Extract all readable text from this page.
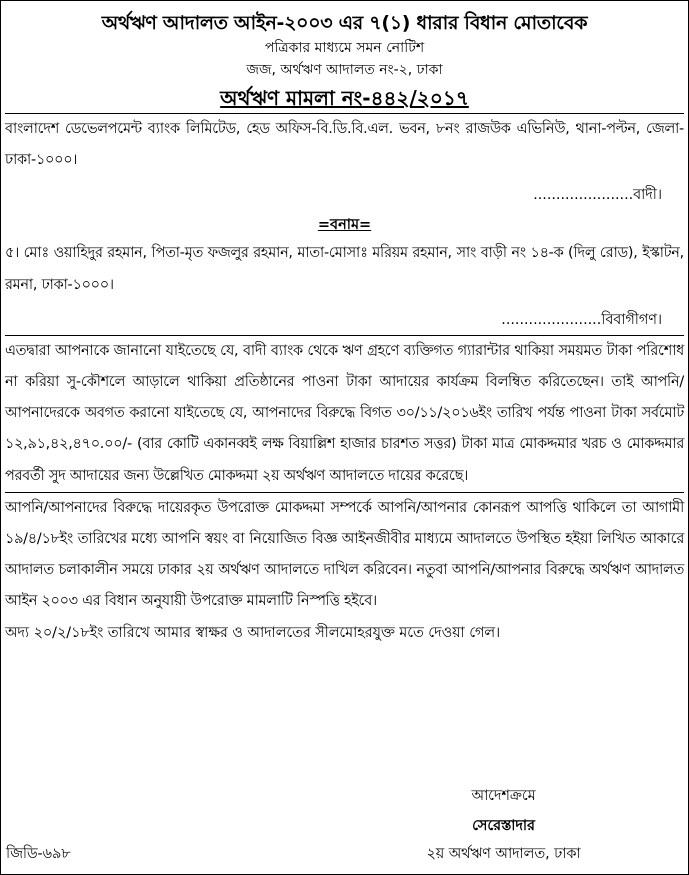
অর্থঋণ আদালত আইন-২০০৩ এর ৭(১) ধারার বিধান মোতাবেক
পত্রিকার মাধ্যমে সমন নোটিশ
জজ, অর্থঋণ আদালত নং-২, ঢাকা
অর্থঋণ মামলা নং-৪৪২/২০১৭

বাংলাদেশ ডেভেলপমেন্ট ব্যাংক লিমিটেড, হেড অফিস-বি.ডি.বি.এল. ভবন, ৮নং রাজউক এভিনিউ, থানা-পল্টন, জেলা-ঢাকা-১০০০।

......................বাদী।
=বনাম=

৫। মোঃ ওয়াহিদুর রহমান, পিতা-মৃত ফজলুর রহমান, মাতা-মোসাঃ মরিয়ম রহমান, সাং বাড়ী নং ১৪-ক (দিলু রোড), ইস্কাটন, রমনা, ঢাকা-১০০০।

......................বিবাগীগণ।

এতদ্বারা আপনাকে জানানো যাইতেছে যে, বাদী ব্যাংক থেকে ঋণ গ্রহণে ব্যক্তিগত গ্যারান্টার থাকিয়া সময়মত টাকা পরিশোধ না করিয়া সু-কৌশলে আড়ালে থাকিয়া প্রতিষ্ঠানের পাওনা টাকা আদায়ের কার্যক্রম বিলম্বিত করিতেছেন। তাই আপনি/আপনাদেরকে অবগত করানো যাইতেছে যে, আপনাদের বিরুদ্ধে বিগত ৩০/১১/২০১৬ইং তারিখ পর্যন্ত পাওনা টাকা সর্বমোট ১২,৯১,৪২,৪৭০.০০/- (বার কোটি একানব্বই লক্ষ বিয়াল্লিশ হাজার চারশত সত্তর) টাকা মাত্র মোকদ্দমার খরচ ও মোকদ্দমার পরবর্তী সুদ আদায়ের জন্য উল্লেখিত মোকদ্দমা ২য় অর্থঋণ আদালতে দায়ের করেছে।

আপনি/আপনাদের বিরুদ্ধে দায়েরকৃত উপরোক্ত মোকদ্দমা সম্পর্কে আপনি/আপনার কোনরূপ আপত্তি থাকিলে তা আগামী ১৯/৪/১৮ইং তারিখের মধ্যে আপনি স্বয়ং বা নিয়োজিত বিজ্ঞ আইনজীবীর মাধ্যমে আদালতে উপস্থিত হইয়া লিখিত আকারে আদালত চলাকালীন সময়ে ঢাকার ২য় অর্থঋণ আদালতে দাখিল করিবেন। নতুবা আপনি/আপনার বিরুদ্ধে অর্থঋণ আদালত আইন ২০০৩ এর বিধান অনুযায়ী উপরোক্ত মামলাটি নিস্পত্তি হইবে।

অদ্য ২০/২/১৮ইং তারিখে আমার স্বাক্ষর ও আদালতের সীলমোহরযুক্ত মতে দেওয়া গেল।

আদেশক্রমে
সেরেস্তাদার
২য় অর্থঋণ আদালত, ঢাকা
জিডি-৬৯৮
